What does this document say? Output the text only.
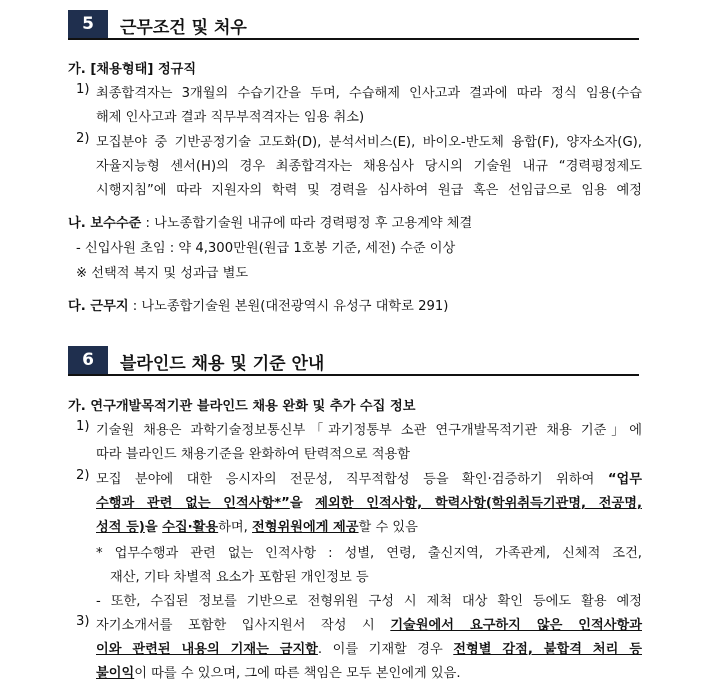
5	근무조건 및 처우
가. [채용형태] 정규직
1) 최종합격자는 3개월의 수습기간을 두며, 수습해제 인사고과 결과에 따라 정식 임용(수습
해제 인사고과 결과 직무부적격자는 임용 취소)
2) 모집분야 중 기반공정기술 고도화(D), 분석서비스(E), 바이오-반도체 융합(F), 양자소자(G),
자율지능형 센서(H)의 경우 최종합격자는 채용심사 당시의 기술원 내규 “경력평정제도
시행지침”에 따라 지원자의 학력 및 경력을 심사하여 원급 혹은 선임급으로 임용 예정
나. 보수수준 : 나노종합기술원 내규에 따라 경력평정 후 고용계약 체결
- 신입사원 초임 : 약 4,300만원(원급 1호봉 기준, 세전) 수준 이상
※ 선택적 복지 및 성과급 별도
다. 근무지 : 나노종합기술원 본원(대전광역시 유성구 대학로 291)
6	블라인드 채용 및 기준 안내
가. 연구개발목적기관 블라인드 채용 완화 및 추가 수집 정보
1) 기술원 채용은 과학기술정보통신부「과기정통부 소관 연구개발목적기관 채용 기준」에
따라 블라인드 채용기준을 완화하여 탄력적으로 적용함
2) 모집 분야에 대한 응시자의 전문성, 직무적합성 등을 확인·검증하기 위하여 “업무
수행과 관련 없는 인적사항*”을 제외한 인적사항, 학력사항(학위취득기관명, 전공명,
성적 등)을 수집·활용하며, 전형위원에게 제공할 수 있음
* 업무수행과 관련 없는 인적사항 : 성별, 연령, 출신지역, 가족관계, 신체적 조건,
재산, 기타 차별적 요소가 포함된 개인정보 등
- 또한, 수집된 정보를 기반으로 전형위원 구성 시 제척 대상 확인 등에도 활용 예정
3) 자기소개서를 포함한 입사지원서 작성 시 기술원에서 요구하지 않은 인적사항과
이와 관련된 내용의 기재는 금지함. 이를 기재할 경우 전형별 감점, 불합격 처리 등
불이익이 따를 수 있으며, 그에 따른 책임은 모두 본인에게 있음.
